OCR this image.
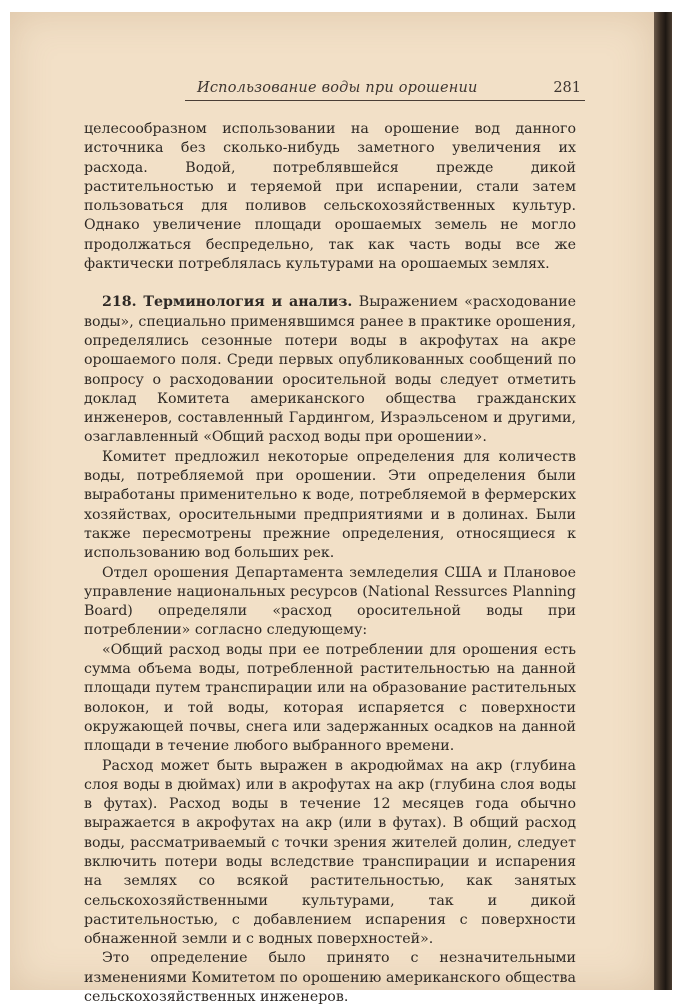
Использование воды при орошении	281

целесообразном использовании на орошение вод данного источника без сколько-нибудь заметного увеличения их расхода. Водой, потреблявшейся прежде дикой растительностью и теряемой при испарении, стали затем пользоваться для поливов сельскохозяйственных культур. Однако увеличение площади орошаемых земель не могло продолжаться беспредельно, так как часть воды все же фактически потреблялась культурами на орошаемых землях.

218. Терминология и анализ. Выражением «расходование воды», специально применявшимся ранее в практике орошения, определялись сезонные потери воды в акрофутах на акре орошаемого поля. Среди первых опубликованных сообщений по вопросу о расходовании оросительной воды следует отметить доклад Комитета американского общества гражданских инженеров, составленный Гардингом, Израэльсеном и другими, озаглавленный «Общий расход воды при орошении».

Комитет предложил некоторые определения для количеств воды, потребляемой при орошении. Эти определения были выработаны применительно к воде, потребляемой в фермерских хозяйствах, оросительными предприятиями и в долинах. Были также пересмотрены прежние определения, относящиеся к использованию вод больших рек.

Отдел орошения Департамента земледелия США и Плановое управление национальных ресурсов (National Ressurces Planning Board) определяли «расход оросительной воды при потреблении» согласно следующему:

«Общий расход воды при ее потреблении для орошения есть сумма объема воды, потребленной растительностью на данной площади путем транспирации или на образование растительных волокон, и той воды, которая испаряется с поверхности окружающей почвы, снега или задержанных осадков на данной площади в течение любого выбранного времени.

Расход может быть выражен в акродюймах на акр (глубина слоя воды в дюймах) или в акрофутах на акр (глубина слоя воды в футах). Расход воды в течение 12 месяцев года обычно выражается в акрофутах на акр (или в футах). В общий расход воды, рассматриваемый с точки зрения жителей долин, следует включить потери воды вследствие транспирации и испарения на землях со всякой растительностью, как занятых сельскохозяйственными культурами, так и дикой растительностью, с добавлением испарения с поверхности обнаженной земли и с водных поверхностей».

Это определение было принято с незначительными изменениями Комитетом по орошению американского общества сельскохозяйственных инженеров.
